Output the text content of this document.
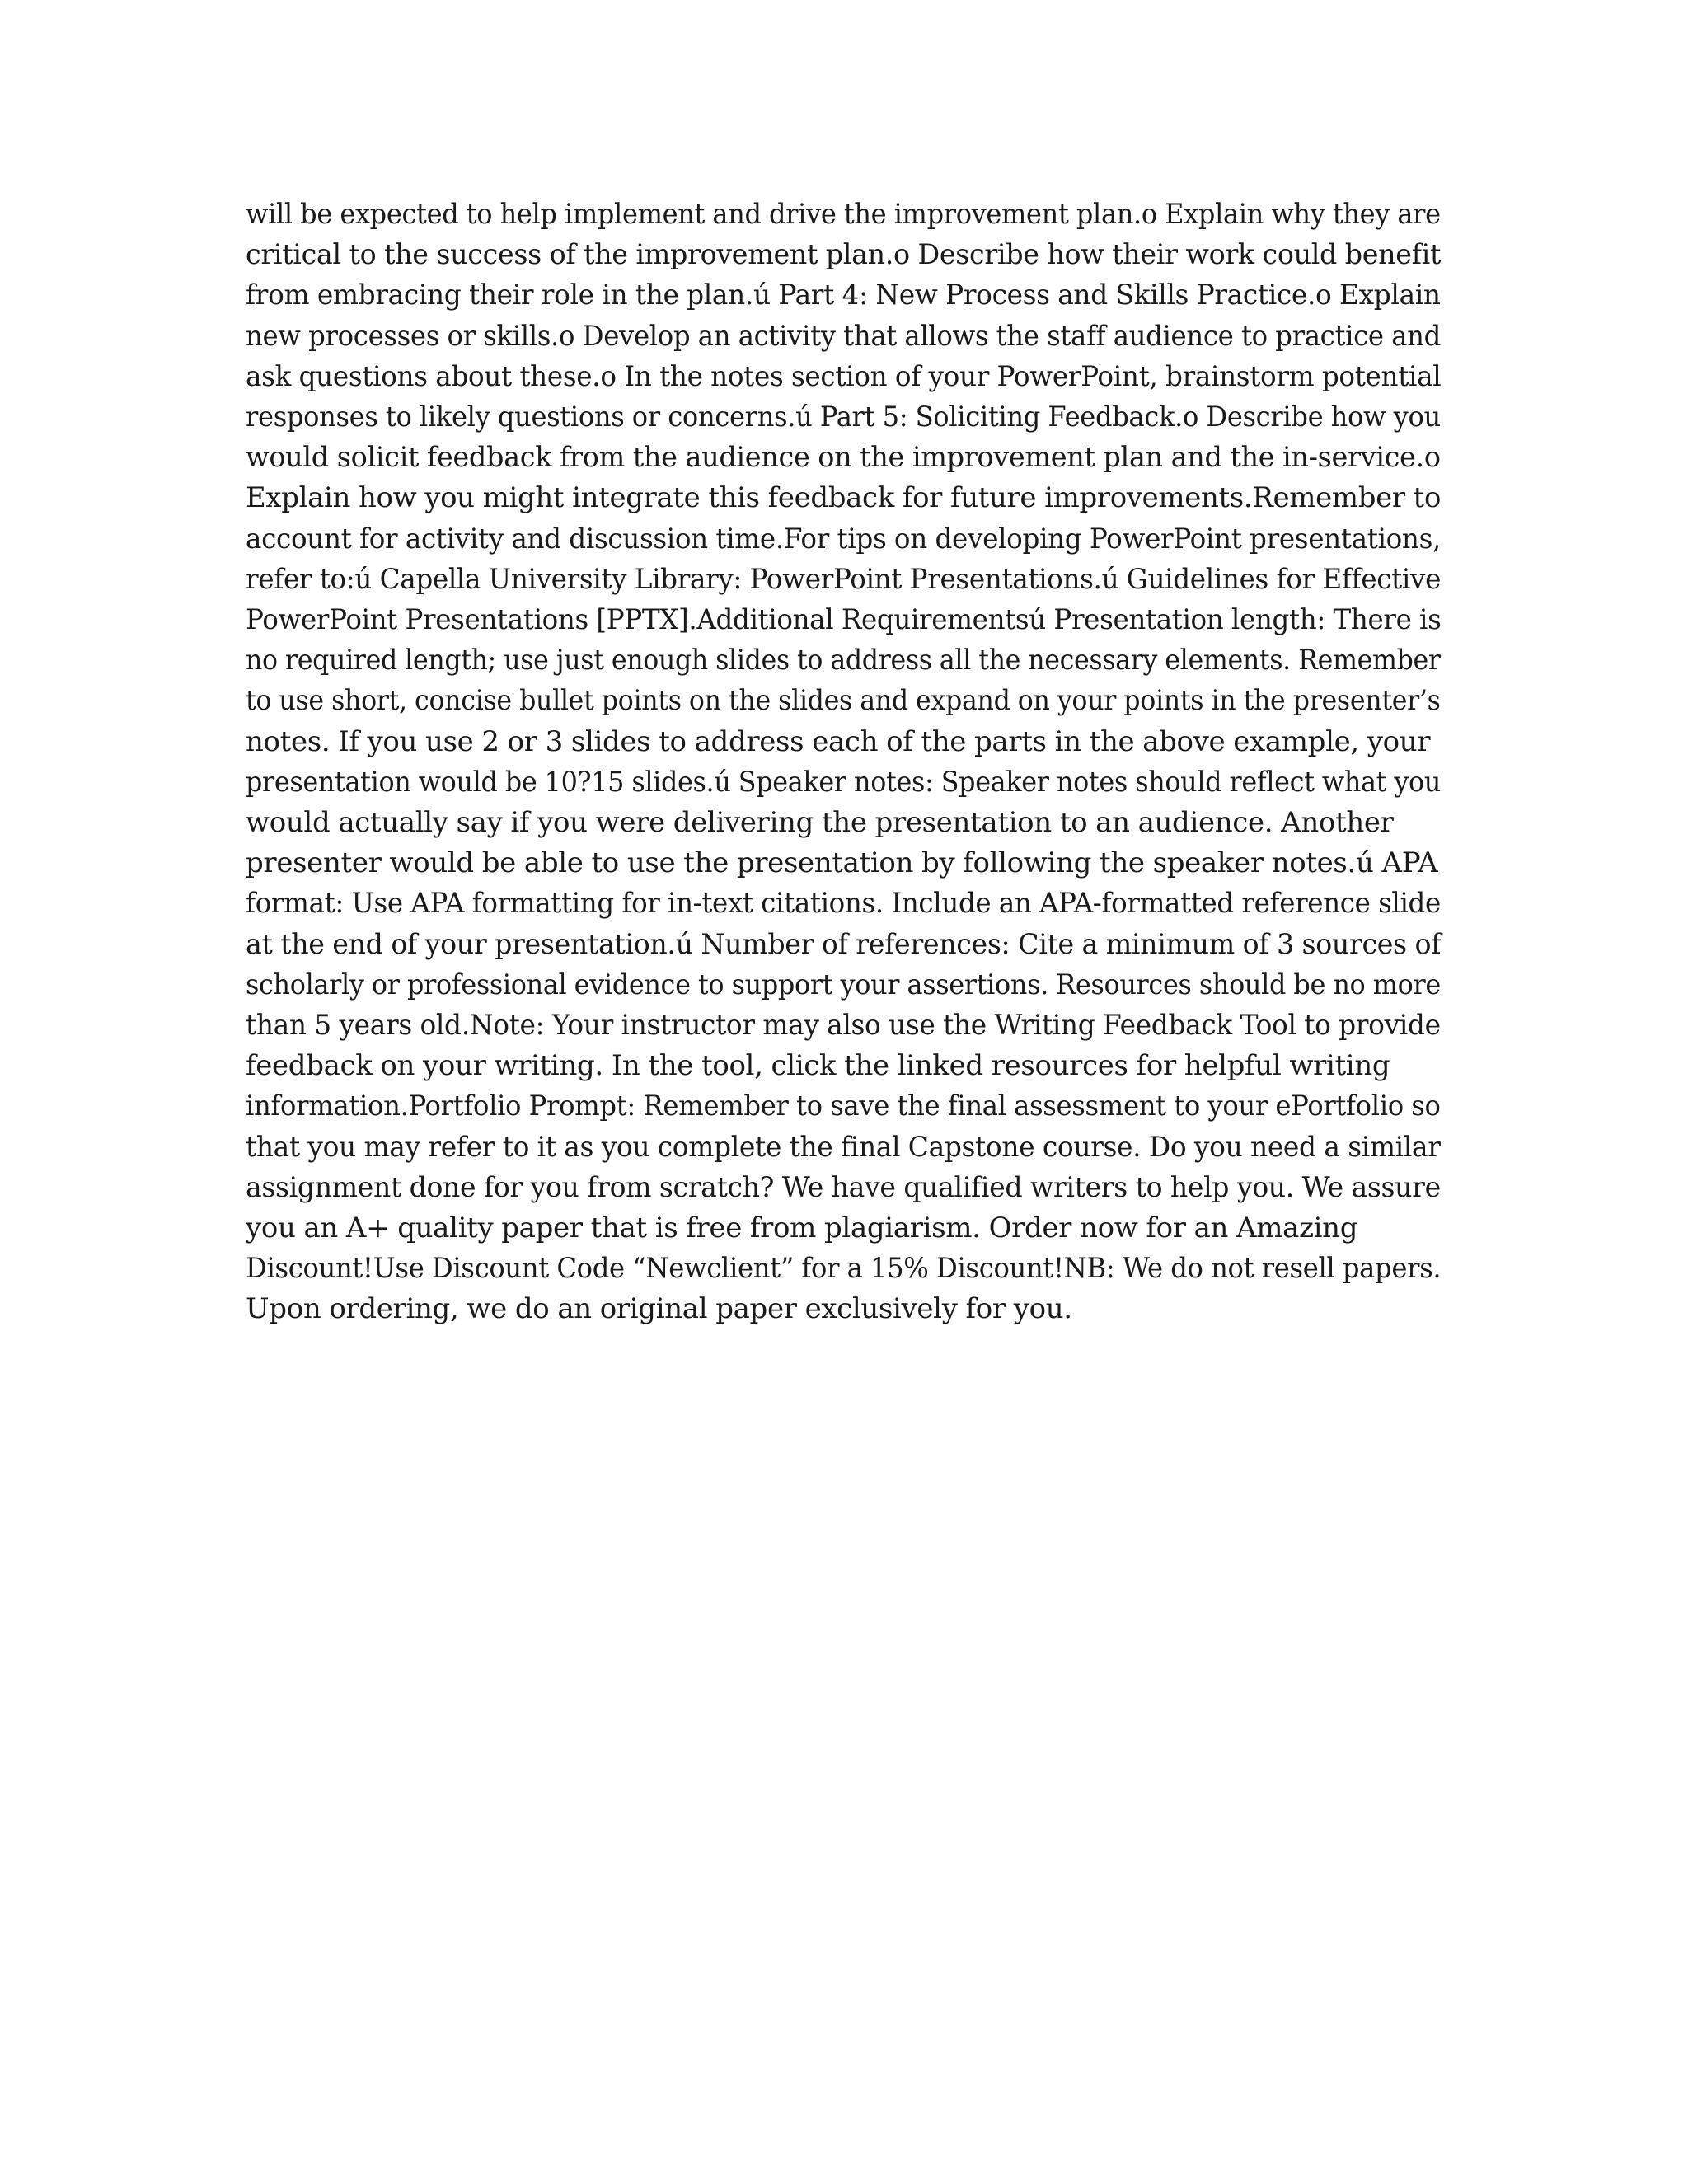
will be expected to help implement and drive the improvement plan.o Explain why they are
critical to the success of the improvement plan.o Describe how their work could benefit
from embracing their role in the plan.ú Part 4: New Process and Skills Practice.o Explain
new processes or skills.o Develop an activity that allows the staff audience to practice and
ask questions about these.o In the notes section of your PowerPoint, brainstorm potential
responses to likely questions or concerns.ú Part 5: Soliciting Feedback.o Describe how you
would solicit feedback from the audience on the improvement plan and the in-service.o
Explain how you might integrate this feedback for future improvements.Remember to
account for activity and discussion time.For tips on developing PowerPoint presentations,
refer to:ú Capella University Library: PowerPoint Presentations.ú Guidelines for Effective
PowerPoint Presentations [PPTX].Additional Requirementsú Presentation length: There is
no required length; use just enough slides to address all the necessary elements. Remember
to use short, concise bullet points on the slides and expand on your points in the presenter’s
notes. If you use 2 or 3 slides to address each of the parts in the above example, your
presentation would be 10?15 slides.ú Speaker notes: Speaker notes should reflect what you
would actually say if you were delivering the presentation to an audience. Another
presenter would be able to use the presentation by following the speaker notes.ú APA
format: Use APA formatting for in-text citations. Include an APA-formatted reference slide
at the end of your presentation.ú Number of references: Cite a minimum of 3 sources of
scholarly or professional evidence to support your assertions. Resources should be no more
than 5 years old.Note: Your instructor may also use the Writing Feedback Tool to provide
feedback on your writing. In the tool, click the linked resources for helpful writing
information.Portfolio Prompt: Remember to save the final assessment to your ePortfolio so
that you may refer to it as you complete the final Capstone course. Do you need a similar
assignment done for you from scratch? We have qualified writers to help you. We assure
you an A+ quality paper that is free from plagiarism. Order now for an Amazing
Discount!Use Discount Code “Newclient” for a 15% Discount!NB: We do not resell papers.
Upon ordering, we do an original paper exclusively for you.
